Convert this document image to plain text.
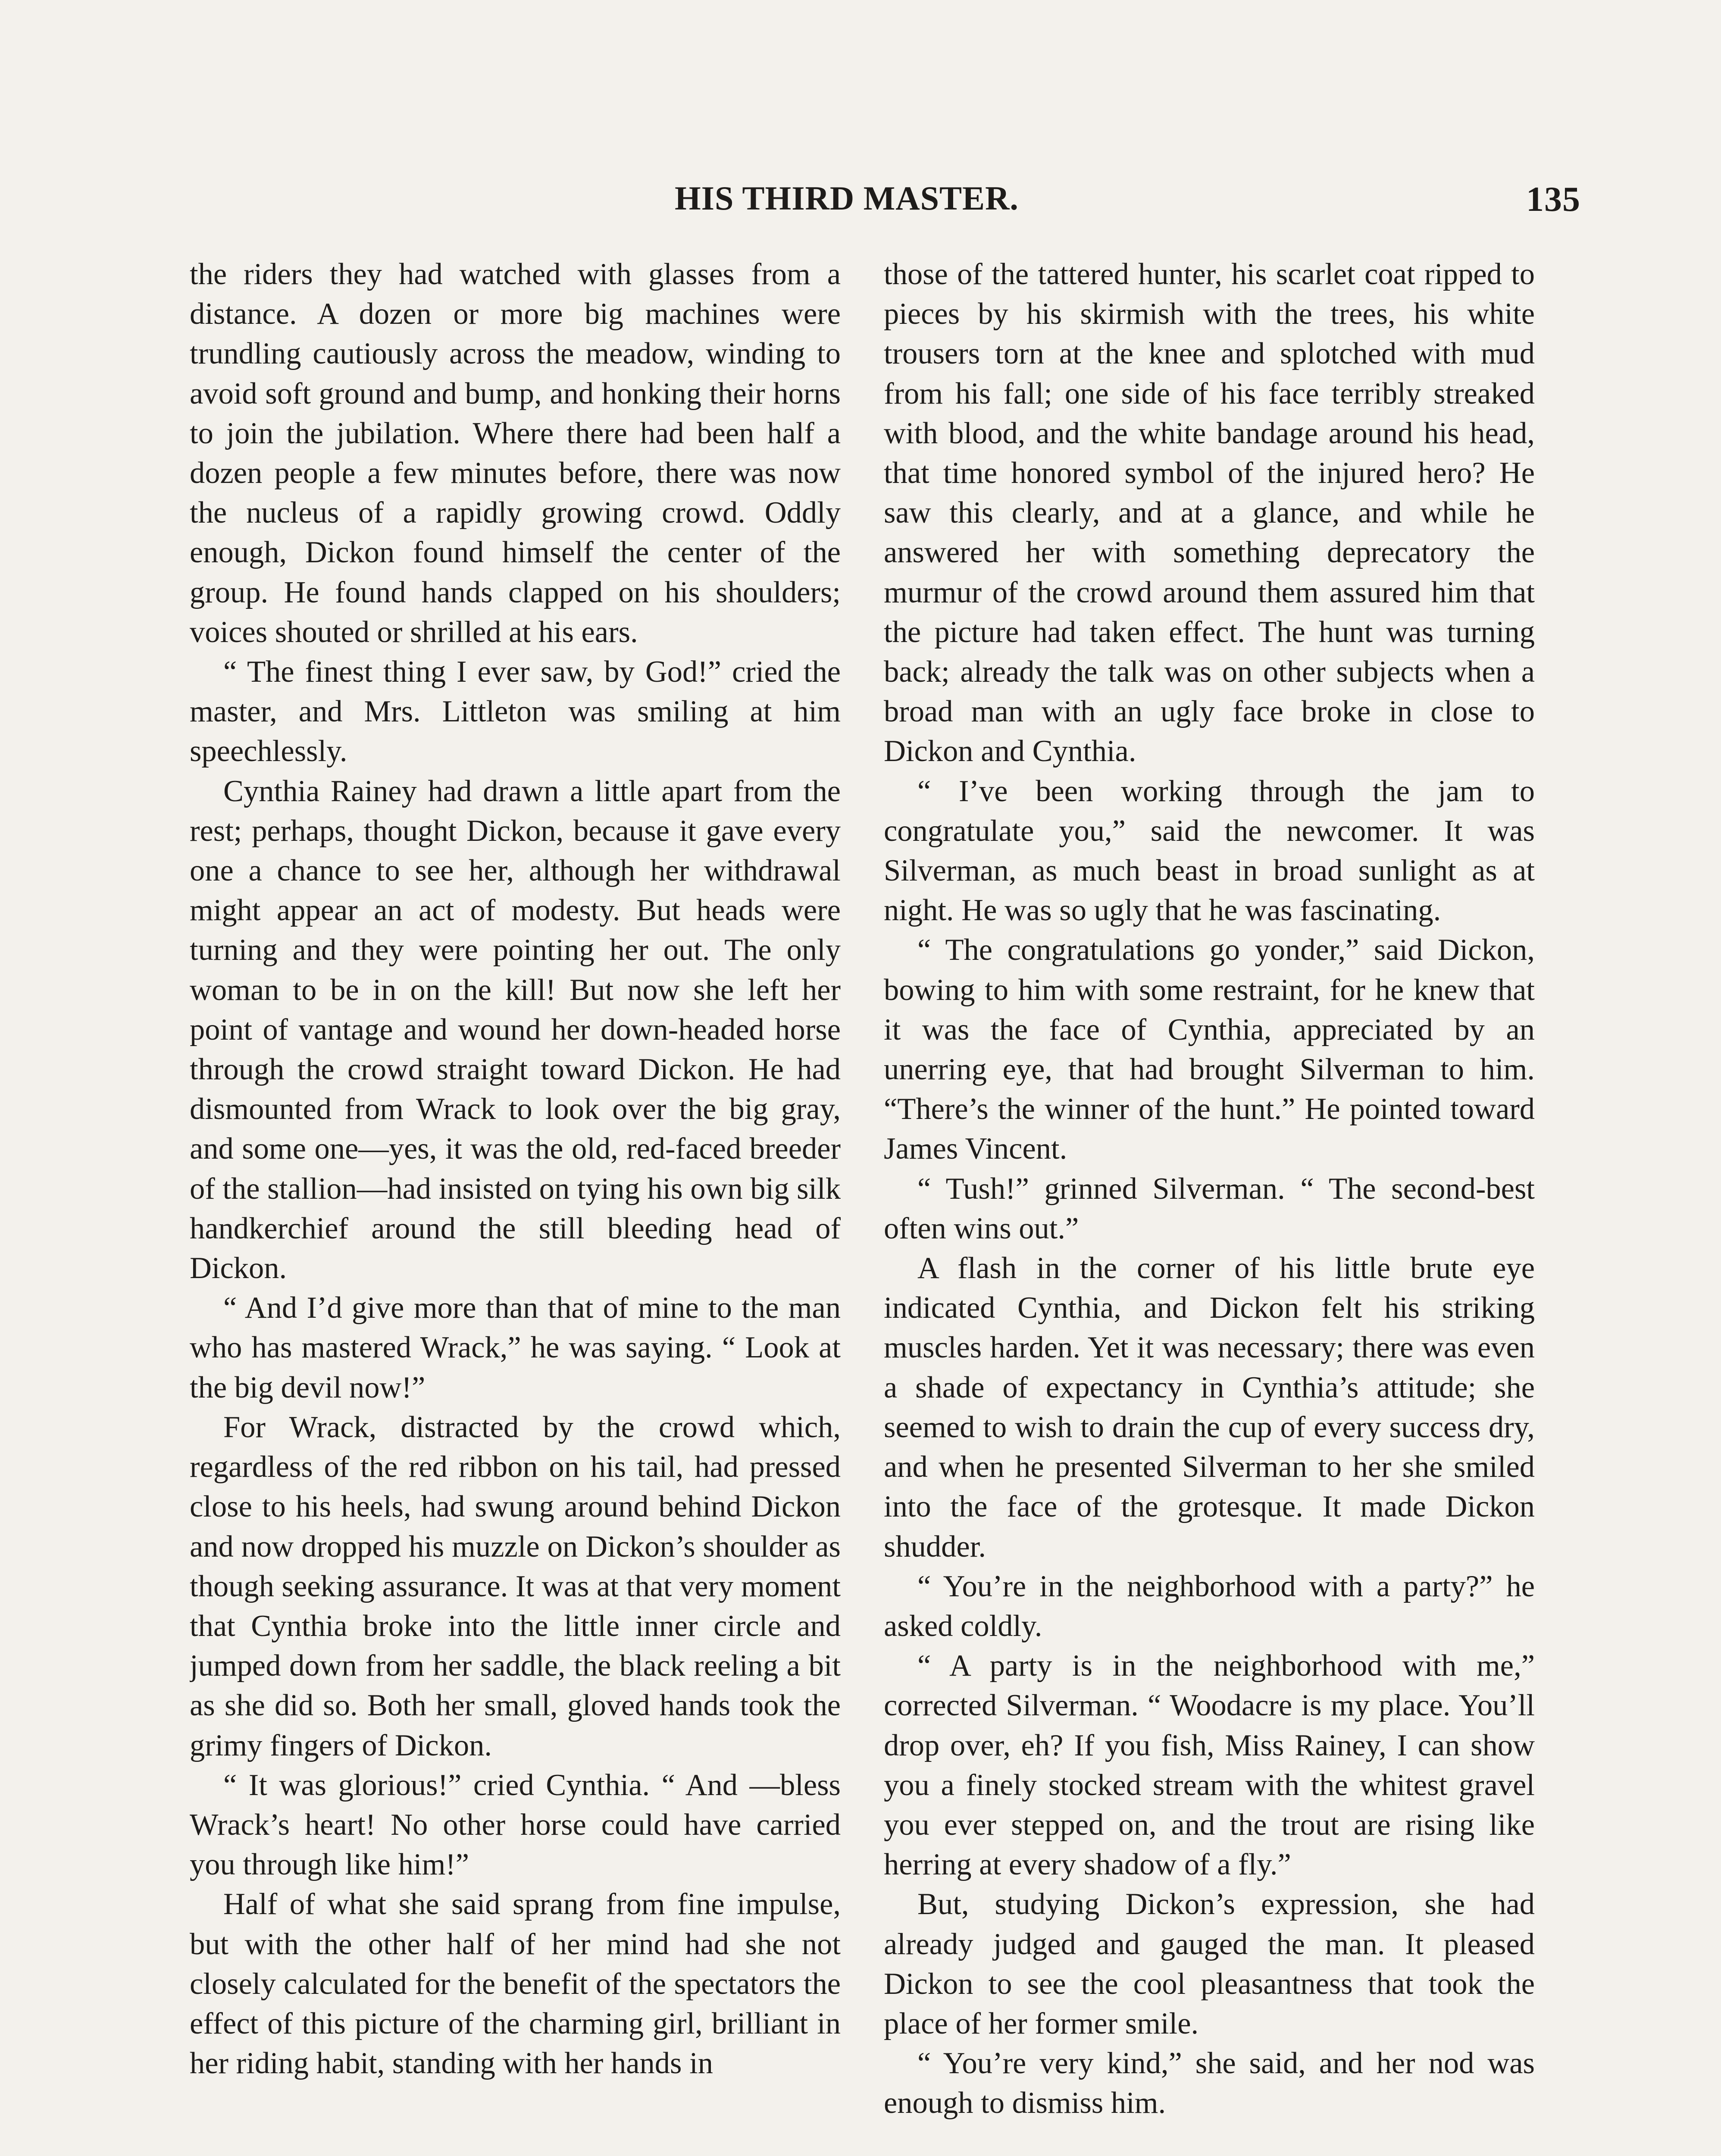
HIS THIRD MASTER.	135

the riders they had watched with glasses from a distance. A dozen or more big machines were trundling cautiously across the meadow, winding to avoid soft ground and bump, and honking their horns to join the jubilation. Where there had been half a dozen people a few minutes before, there was now the nucleus of a rapidly growing crowd. Oddly enough, Dickon found himself the center of the group. He found hands clapped on his shoulders; voices shouted or shrilled at his ears.

“ The finest thing I ever saw, by God!” cried the master, and Mrs. Littleton was smiling at him speechlessly.

Cynthia Rainey had drawn a little apart from the rest; perhaps, thought Dickon, because it gave every one a chance to see her, although her withdrawal might appear an act of modesty. But heads were turning and they were pointing her out. The only woman to be in on the kill! But now she left her point of vantage and wound her down-headed horse through the crowd straight toward Dickon. He had dismounted from Wrack to look over the big gray, and some one—yes, it was the old, red-faced breeder of the stallion—had insisted on tying his own big silk handkerchief around the still bleeding head of Dickon.

“ And I’d give more than that of mine to the man who has mastered Wrack,” he was saying. “ Look at the big devil now!”

For Wrack, distracted by the crowd which, regardless of the red ribbon on his tail, had pressed close to his heels, had swung around behind Dickon and now dropped his muzzle on Dickon’s shoulder as though seeking assurance. It was at that very moment that Cynthia broke into the little inner circle and jumped down from her saddle, the black reeling a bit as she did so. Both her small, gloved hands took the grimy fingers of Dickon.

“ It was glorious!” cried Cynthia. “ And —bless Wrack’s heart! No other horse could have carried you through like him!”

Half of what she said sprang from fine impulse, but with the other half of her mind had she not closely calculated for the benefit of the spectators the effect of this picture of the charming girl, brilliant in her riding habit, standing with her hands in

those of the tattered hunter, his scarlet coat ripped to pieces by his skirmish with the trees, his white trousers torn at the knee and splotched with mud from his fall; one side of his face terribly streaked with blood, and the white bandage around his head, that time honored symbol of the injured hero? He saw this clearly, and at a glance, and while he answered her with something deprecatory the murmur of the crowd around them assured him that the picture had taken effect. The hunt was turning back; already the talk was on other subjects when a broad man with an ugly face broke in close to Dickon and Cynthia.

“ I’ve been working through the jam to congratulate you,” said the newcomer. It was Silverman, as much beast in broad sunlight as at night. He was so ugly that he was fascinating.

“ The congratulations go yonder,” said Dickon, bowing to him with some restraint, for he knew that it was the face of Cynthia, appreciated by an unerring eye, that had brought Silverman to him. “There’s the winner of the hunt.” He pointed toward James Vincent.

“ Tush!” grinned Silverman. “ The second-best often wins out.”

A flash in the corner of his little brute eye indicated Cynthia, and Dickon felt his striking muscles harden. Yet it was necessary; there was even a shade of expectancy in Cynthia’s attitude; she seemed to wish to drain the cup of every success dry, and when he presented Silverman to her she smiled into the face of the grotesque. It made Dickon shudder.

“ You’re in the neighborhood with a party?” he asked coldly.

“ A party is in the neighborhood with me,” corrected Silverman. “ Woodacre is my place. You’ll drop over, eh? If you fish, Miss Rainey, I can show you a finely stocked stream with the whitest gravel you ever stepped on, and the trout are rising like herring at every shadow of a fly.”

But, studying Dickon’s expression, she had already judged and gauged the man. It pleased Dickon to see the cool pleasantness that took the place of her former smile.

“ You’re very kind,” she said, and her nod was enough to dismiss him.
